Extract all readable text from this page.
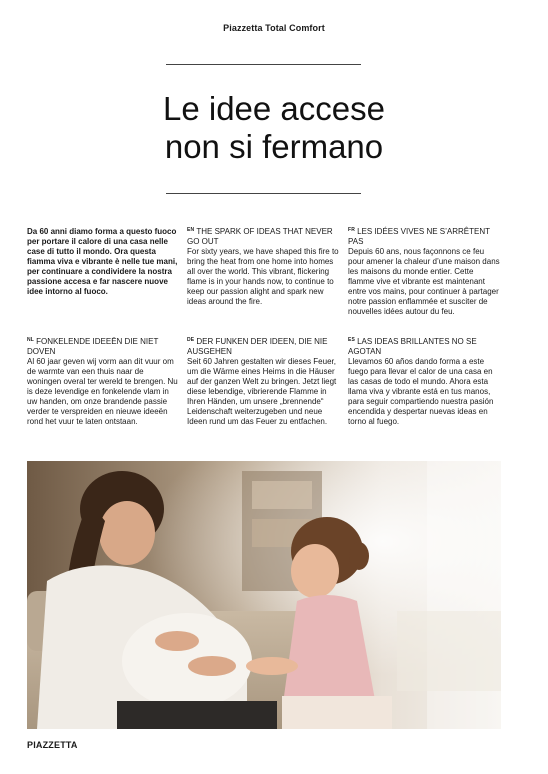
Piazzetta Total Comfort
Le idee accese
non si fermano
Da 60 anni diamo forma a questo fuoco per portare il calore di una casa nelle case di tutto il mondo. Ora questa fiamma viva e vibrante è nelle tue mani, per continuare a condividere la nostra passione accesa e far nascere nuove idee intorno al fuoco.
$^{EN}$ THE SPARK OF IDEAS THAT NEVER GO OUT
For sixty years, we have shaped this fire to bring the heat from one home into homes all over the world. This vibrant, flickering flame is in your hands now, to continue to keep our passion alight and spark new ideas around the fire.
$^{FR}$ LES IDÉES VIVES NE S’ARRÊTENT PAS
Depuis 60 ans, nous façonnons ce feu pour amener la chaleur d’une maison dans les maisons du monde entier. Cette flamme vive et vibrante est maintenant entre vos mains, pour continuer à partager notre passion enflammée et susciter de nouvelles idées autour du feu.
$^{NL}$ FONKELENDE IDEEËN DIE NIET DOVEN
Al 60 jaar geven wij vorm aan dit vuur om de warmte van een thuis naar de woningen overal ter wereld te brengen. Nu is deze levendige en fonkelende vlam in uw handen, om onze brandende passie verder te verspreiden en nieuwe ideeën rond het vuur te laten ontstaan.
$^{DE}$ DER FUNKEN DER IDEEN, DIE NIE AUSGEHEN
Seit 60 Jahren gestalten wir dieses Feuer, um die Wärme eines Heims in die Häuser auf der ganzen Welt zu bringen. Jetzt liegt diese lebendige, vibrierende Flamme in Ihren Händen, um unsere „brennende“ Leidenschaft weiterzugeben und neue Ideen rund um das Feuer zu entfachen.
$^{ES}$ LAS IDEAS BRILLANTES NO SE AGOTAN
Llevamos 60 años dando forma a este fuego para llevar el calor de una casa en las casas de todo el mundo. Ahora esta llama viva y vibrante está en tus manos, para seguir compartiendo nuestra pasión encendida y despertar nuevas ideas en torno al fuego.
PIAZZETTA
